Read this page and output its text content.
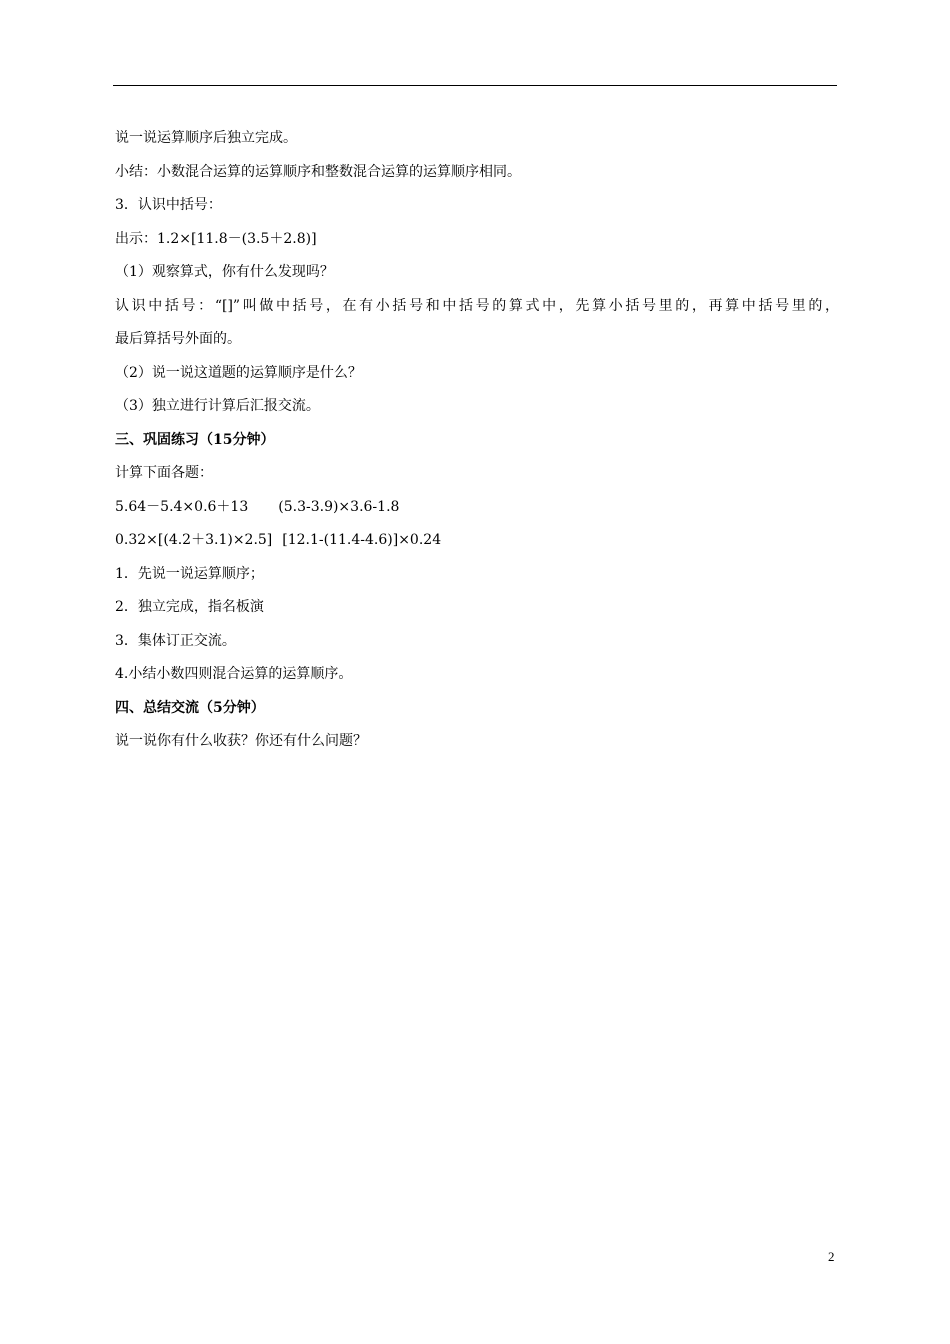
说一说运算顺序后独立完成。
小结：小数混合运算的运算顺序和整数混合运算的运算顺序相同。
3．认识中括号：
出示：1.2×[11.8－(3.5＋2.8)]
（1）观察算式，你有什么发现吗？
认识中括号：“[]”叫做中括号，在有小括号和中括号的算式中，先算小括号里的，再算中括号里的，
最后算括号外面的。
（2）说一说这道题的运算顺序是什么？
（3）独立进行计算后汇报交流。
三、巩固练习（15分钟）
计算下面各题：
5.64－5.4×0.6＋13 (5.3-3.9)×3.6-1.8
0.32×[(4.2＋3.1)×2.5] [12.1-(11.4-4.6)]×0.24
1．先说一说运算顺序；
2．独立完成，指名板演
3．集体订正交流。
4.小结小数四则混合运算的运算顺序。
四、总结交流（5分钟）
说一说你有什么收获？你还有什么问题？
2
